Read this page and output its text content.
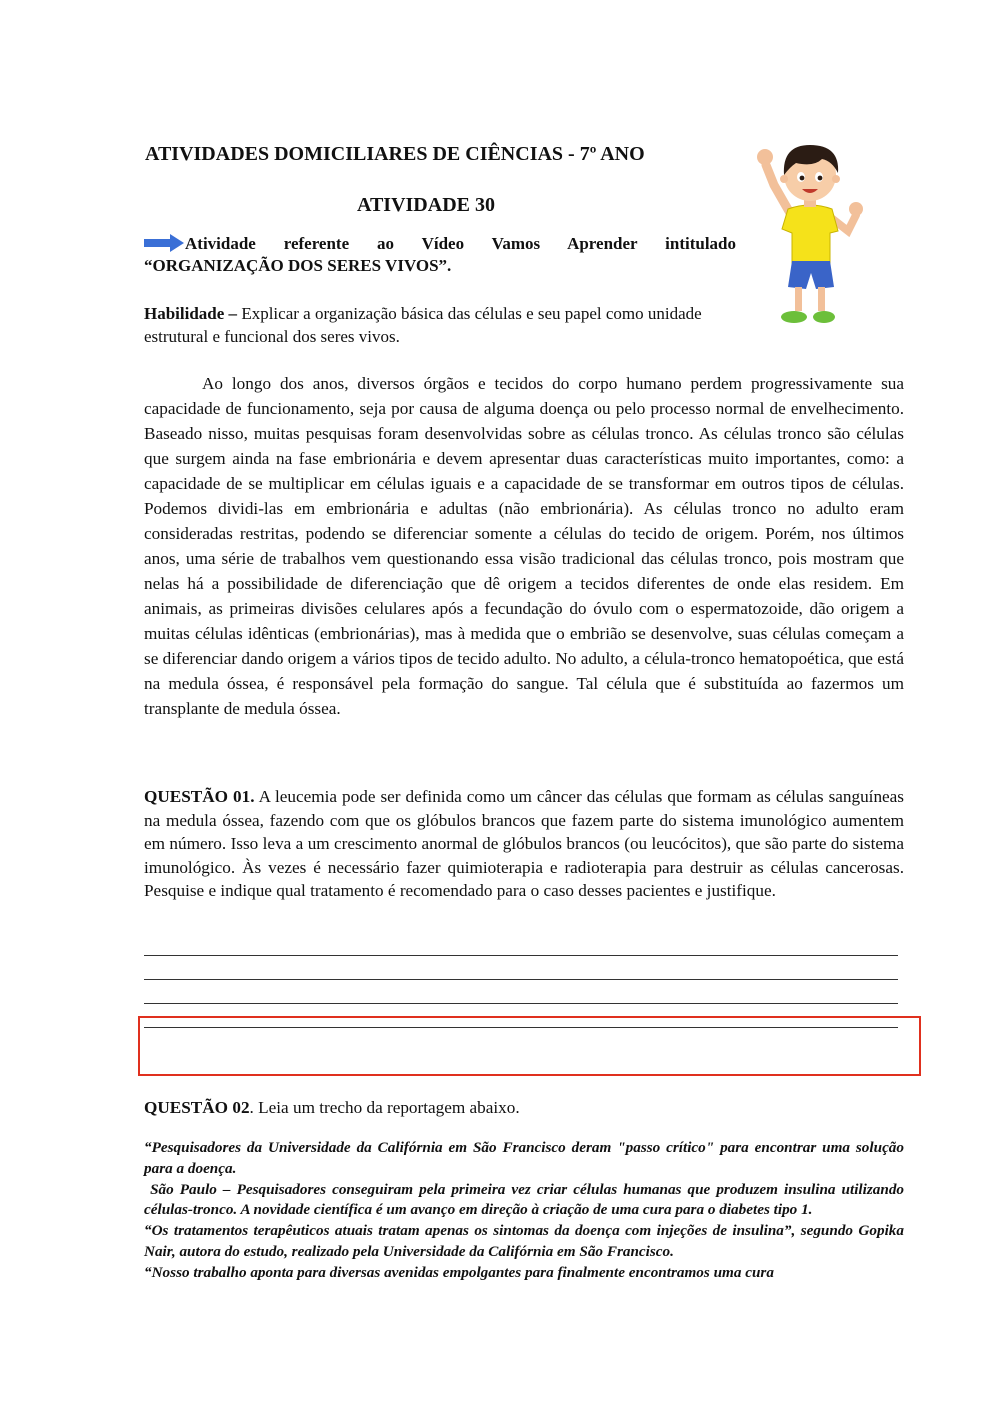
ATIVIDADES DOMICILIARES DE CIÊNCIAS - 7º ANO
ATIVIDADE 30
Atividade referente ao Vídeo Vamos Aprender intitulado “ORGANIZAÇÃO DOS SERES VIVOS”.
Habilidade – Explicar a organização básica das células e seu papel como unidade estrutural e funcional dos seres vivos.
Ao longo dos anos, diversos órgãos e tecidos do corpo humano perdem progressivamente sua capacidade de funcionamento, seja por causa de alguma doença ou pelo processo normal de envelhecimento. Baseado nisso, muitas pesquisas foram desenvolvidas sobre as células tronco. As células tronco são células que surgem ainda na fase embrionária e devem apresentar duas características muito importantes, como: a capacidade de se multiplicar em células iguais e a capacidade de se transformar em outros tipos de células. Podemos dividi-las em embrionária e adultas (não embrionária). As células tronco no adulto eram consideradas restritas, podendo se diferenciar somente a células do tecido de origem. Porém, nos últimos anos, uma série de trabalhos vem questionando essa visão tradicional das células tronco, pois mostram que nelas há a possibilidade de diferenciação que dê origem a tecidos diferentes de onde elas residem. Em animais, as primeiras divisões celulares após a fecundação do óvulo com o espermatozoide, dão origem a muitas células idênticas (embrionárias), mas à medida que o embrião se desenvolve, suas células começam a se diferenciar dando origem a vários tipos de tecido adulto. No adulto, a célula-tronco hematopoética, que está na medula óssea, é responsável pela formação do sangue. Tal célula que é substituída ao fazermos um transplante de medula óssea.
QUESTÃO 01. A leucemia pode ser definida como um câncer das células que formam as células sanguíneas na medula óssea, fazendo com que os glóbulos brancos que fazem parte do sistema imunológico aumentem em número. Isso leva a um crescimento anormal de glóbulos brancos (ou leucócitos), que são parte do sistema imunológico. Às vezes é necessário fazer quimioterapia e radioterapia para destruir as células cancerosas. Pesquise e indique qual tratamento é recomendado para o caso desses pacientes e justifique.
QUESTÃO 02. Leia um trecho da reportagem abaixo.

“Pesquisadores da Universidade da Califórnia em São Francisco deram "passo crítico" para encontrar uma solução para a doença.

São Paulo – Pesquisadores conseguiram pela primeira vez criar células humanas que produzem insulina utilizando células-tronco. A novidade científica é um avanço em direção à criação de uma cura para o diabetes tipo 1.

“Os tratamentos terapêuticos atuais tratam apenas os sintomas da doença com injeções de insulina”, segundo Gopika Nair, autora do estudo, realizado pela Universidade da Califórnia em São Francisco.

“Nosso trabalho aponta para diversas avenidas empolgantes para finalmente encontramos uma cura
